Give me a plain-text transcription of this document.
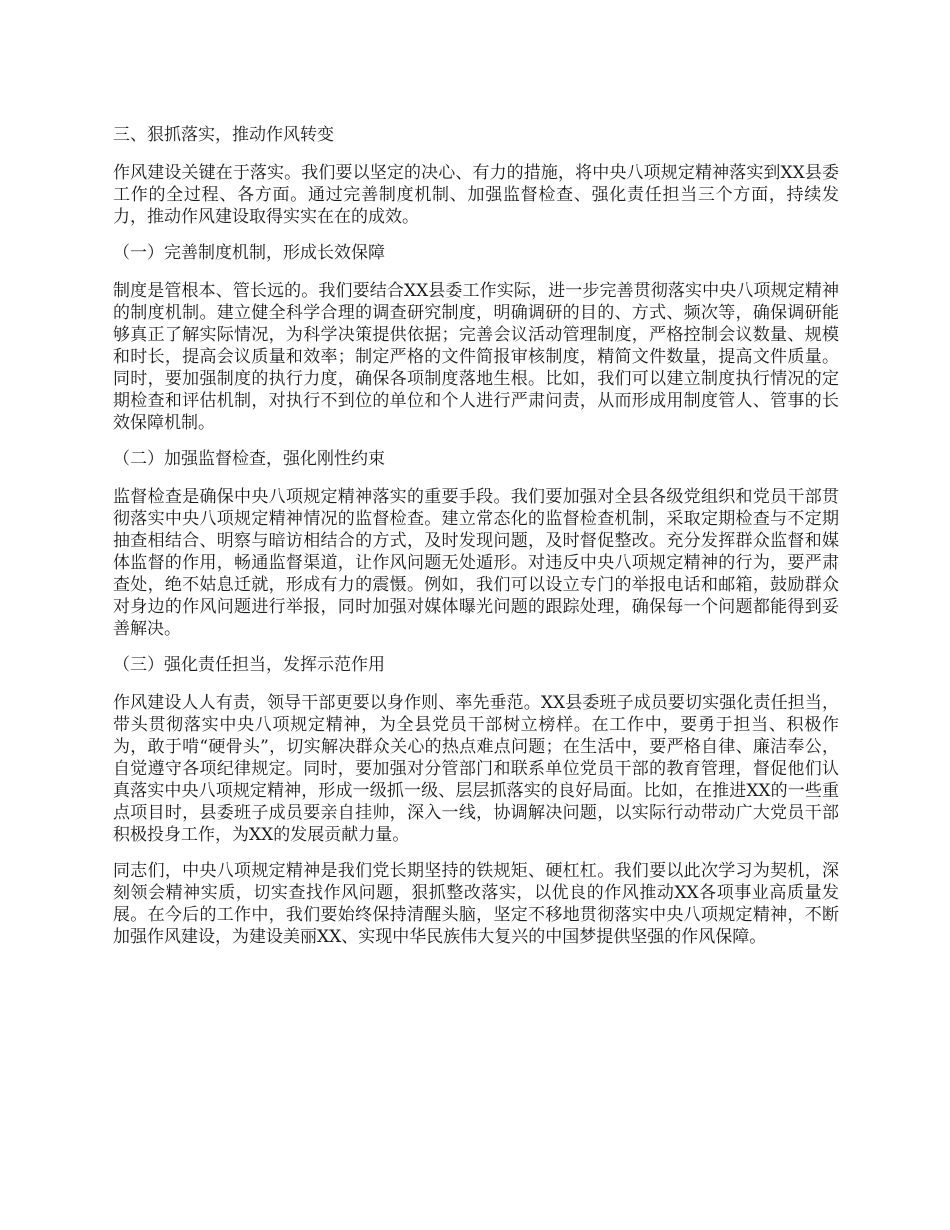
三、狠抓落实，推动作风转变
作风建设关键在于落实。我们要以坚定的决心、有力的措施，将中央八项规定精神落实到XX县委工作的全过程、各方面。通过完善制度机制、加强监督检查、强化责任担当三个方面，持续发力，推动作风建设取得实实在在的成效。
（一）完善制度机制，形成长效保障
制度是管根本、管长远的。我们要结合XX县委工作实际，进一步完善贯彻落实中央八项规定精神的制度机制。建立健全科学合理的调查研究制度，明确调研的目的、方式、频次等，确保调研能够真正了解实际情况，为科学决策提供依据；完善会议活动管理制度，严格控制会议数量、规模和时长，提高会议质量和效率；制定严格的文件简报审核制度，精简文件数量，提高文件质量。同时，要加强制度的执行力度，确保各项制度落地生根。比如，我们可以建立制度执行情况的定期检查和评估机制，对执行不到位的单位和个人进行严肃问责，从而形成用制度管人、管事的长效保障机制。
（二）加强监督检查，强化刚性约束
监督检查是确保中央八项规定精神落实的重要手段。我们要加强对全县各级党组织和党员干部贯彻落实中央八项规定精神情况的监督检查。建立常态化的监督检查机制，采取定期检查与不定期抽查相结合、明察与暗访相结合的方式，及时发现问题，及时督促整改。充分发挥群众监督和媒体监督的作用，畅通监督渠道，让作风问题无处遁形。对违反中央八项规定精神的行为，要严肃查处，绝不姑息迁就，形成有力的震慑。例如，我们可以设立专门的举报电话和邮箱，鼓励群众对身边的作风问题进行举报，同时加强对媒体曝光问题的跟踪处理，确保每一个问题都能得到妥善解决。
（三）强化责任担当，发挥示范作用
作风建设人人有责，领导干部更要以身作则、率先垂范。XX县委班子成员要切实强化责任担当，带头贯彻落实中央八项规定精神，为全县党员干部树立榜样。在工作中，要勇于担当、积极作为，敢于啃“硬骨头”，切实解决群众关心的热点难点问题；在生活中，要严格自律、廉洁奉公，自觉遵守各项纪律规定。同时，要加强对分管部门和联系单位党员干部的教育管理，督促他们认真落实中央八项规定精神，形成一级抓一级、层层抓落实的良好局面。比如，在推进XX的一些重点项目时，县委班子成员要亲自挂帅，深入一线，协调解决问题，以实际行动带动广大党员干部积极投身工作，为XX的发展贡献力量。
同志们，中央八项规定精神是我们党长期坚持的铁规矩、硬杠杠。我们要以此次学习为契机，深刻领会精神实质，切实查找作风问题，狠抓整改落实，以优良的作风推动XX各项事业高质量发展。在今后的工作中，我们要始终保持清醒头脑，坚定不移地贯彻落实中央八项规定精神，不断加强作风建设，为建设美丽XX、实现中华民族伟大复兴的中国梦提供坚强的作风保障。
